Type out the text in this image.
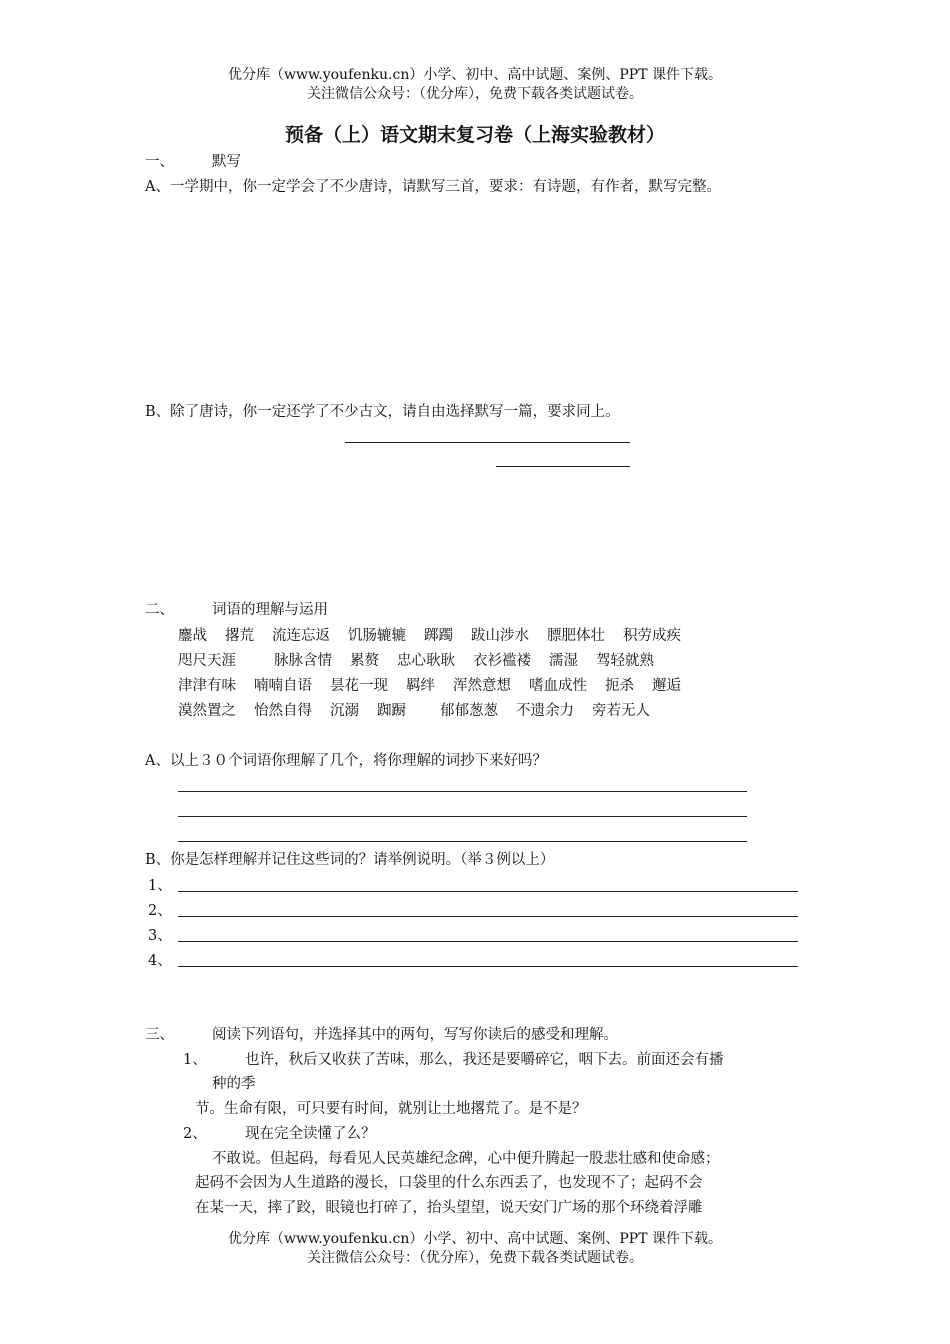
优分库（www.youfenku.cn）小学、初中、高中试题、案例、PPT 课件下载。
关注微信公众号：（优分库），免费下载各类试题试卷。
预备（上）语文期末复习卷（上海实验教材）
一、	默写
A、一学期中，你一定学会了不少唐诗，请默写三首，要求：有诗题，有作者，默写完整。
B、除了唐诗，你一定还学了不少古文，请自由选择默写一篇，要求同上。
二、	词语的理解与运用
鏖战 撂荒 流连忘返 饥肠辘辘 踯躅 跋山涉水 膘肥体壮 积劳成疾
咫尺天涯	脉脉含情 累赘 忠心耿耿 衣衫褴褛 濡湿 驾轻就熟
津津有味 喃喃自语 昙花一现 羁绊 浑然意想 嗜血成性 扼杀 邂逅
漠然置之 怡然自得 沉溺 踟蹰 郁郁葱葱 不遗余力 旁若无人
A、以上３０个词语你理解了几个，将你理解的词抄下来好吗？
B、你是怎样理解并记住这些词的？请举例说明。（举３例以上）
1、
2、
3、
4、
三、	阅读下列语句，并选择其中的两句，写写你读后的感受和理解。
1、	也许，秋后又收获了苦味，那么，我还是要嚼碎它，咽下去。前面还会有播
种的季
节。生命有限，可只要有时间，就别让土地撂荒了。是不是？
2、	现在完全读懂了么？
不敢说。但起码，每看见人民英雄纪念碑，心中便升腾起一股悲壮感和使命感；
起码不会因为人生道路的漫长，口袋里的什么东西丢了，也发现不了；起码不会
在某一天，摔了跤，眼镜也打碎了，抬头望望，说天安门广场的那个环绕着浮雕
优分库（www.youfenku.cn）小学、初中、高中试题、案例、PPT 课件下载。
关注微信公众号：（优分库），免费下载各类试题试卷。
